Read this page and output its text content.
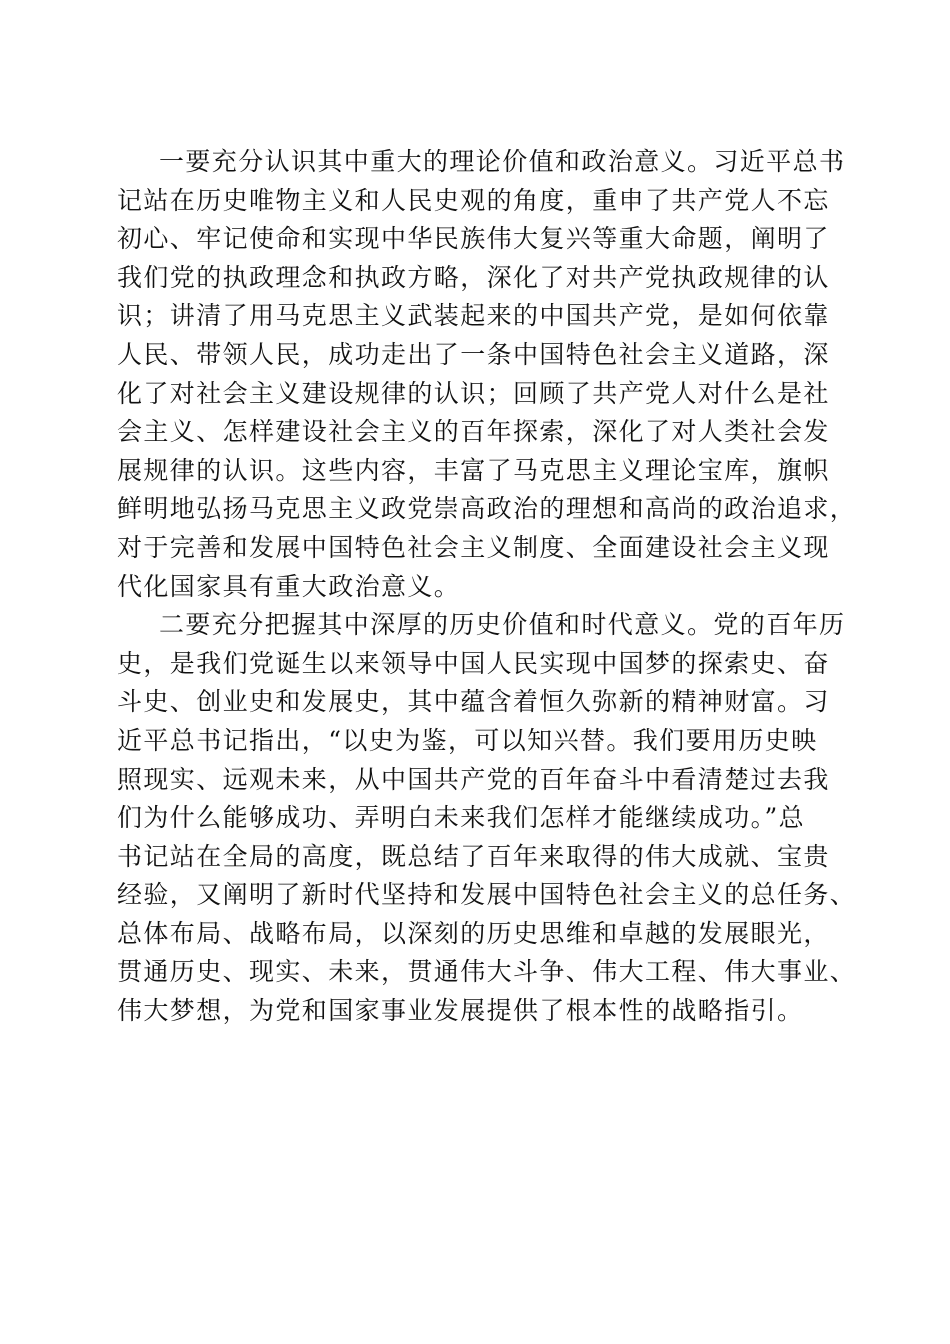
一要充分认识其中重大的理论价值和政治意义。习近平总书
记站在历史唯物主义和人民史观的角度，重申了共产党人不忘
初心、牢记使命和实现中华民族伟大复兴等重大命题，阐明了
我们党的执政理念和执政方略，深化了对共产党执政规律的认
识；讲清了用马克思主义武装起来的中国共产党，是如何依靠
人民、带领人民，成功走出了一条中国特色社会主义道路，深
化了对社会主义建设规律的认识；回顾了共产党人对什么是社
会主义、怎样建设社会主义的百年探索，深化了对人类社会发
展规律的认识。这些内容，丰富了马克思主义理论宝库，旗帜
鲜明地弘扬马克思主义政党崇高政治的理想和高尚的政治追求，
对于完善和发展中国特色社会主义制度、全面建设社会主义现
代化国家具有重大政治意义。

二要充分把握其中深厚的历史价值和时代意义。党的百年历
史，是我们党诞生以来领导中国人民实现中国梦的探索史、奋
斗史、创业史和发展史，其中蕴含着恒久弥新的精神财富。习
近平总书记指出，“以史为鉴，可以知兴替。我们要用历史映
照现实、远观未来，从中国共产党的百年奋斗中看清楚过去我
们为什么能够成功、弄明白未来我们怎样才能继续成功。”总
书记站在全局的高度，既总结了百年来取得的伟大成就、宝贵
经验，又阐明了新时代坚持和发展中国特色社会主义的总任务、
总体布局、战略布局，以深刻的历史思维和卓越的发展眼光，
贯通历史、现实、未来，贯通伟大斗争、伟大工程、伟大事业、
伟大梦想，为党和国家事业发展提供了根本性的战略指引。
